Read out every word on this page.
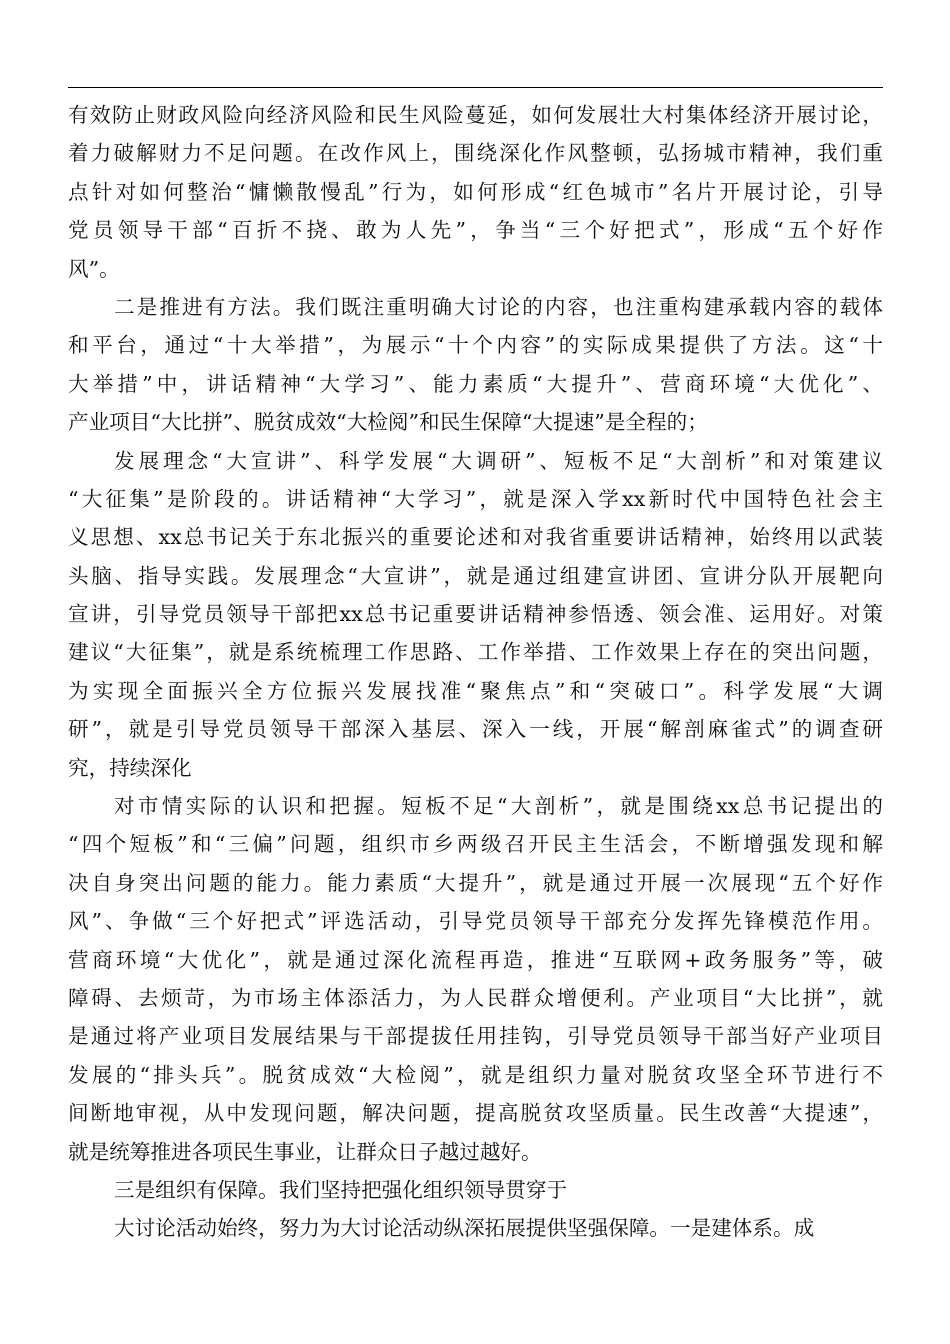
有效防止财政风险向经济风险和民生风险蔓延，如何发展壮大村集体经济开展讨论，
着力破解财力不足问题。在改作风上，围绕深化作风整顿，弘扬城市精神，我们重
点针对如何整治“慵懒散慢乱”行为，如何形成“红色城市”名片开展讨论，引导
党员领导干部“百折不挠、敢为人先”，争当“三个好把式”，形成“五个好作
风”。
二是推进有方法。我们既注重明确大讨论的内容，也注重构建承载内容的载体
和平台，通过“十大举措”，为展示“十个内容”的实际成果提供了方法。这“十
大举措”中，讲话精神“大学习”、能力素质“大提升”、营商环境“大优化”、
产业项目“大比拼”、脱贫成效“大检阅”和民生保障“大提速”是全程的；
发展理念“大宣讲”、科学发展“大调研”、短板不足“大剖析”和对策建议
“大征集”是阶段的。讲话精神“大学习”，就是深入学xx新时代中国特色社会主
义思想、xx总书记关于东北振兴的重要论述和对我省重要讲话精神，始终用以武装
头脑、指导实践。发展理念“大宣讲”，就是通过组建宣讲团、宣讲分队开展靶向
宣讲，引导党员领导干部把xx总书记重要讲话精神参悟透、领会准、运用好。对策
建议“大征集”，就是系统梳理工作思路、工作举措、工作效果上存在的突出问题，
为实现全面振兴全方位振兴发展找准“聚焦点”和“突破口”。科学发展“大调
研”，就是引导党员领导干部深入基层、深入一线，开展“解剖麻雀式”的调查研
究，持续深化
对市情实际的认识和把握。短板不足“大剖析”，就是围绕xx总书记提出的
“四个短板”和“三偏”问题，组织市乡两级召开民主生活会，不断增强发现和解
决自身突出问题的能力。能力素质“大提升”，就是通过开展一次展现“五个好作
风”、争做“三个好把式”评选活动，引导党员领导干部充分发挥先锋模范作用。
营商环境“大优化”，就是通过深化流程再造，推进“互联网+政务服务”等，破
障碍、去烦苛，为市场主体添活力，为人民群众增便利。产业项目“大比拼”，就
是通过将产业项目发展结果与干部提拔任用挂钩，引导党员领导干部当好产业项目
发展的“排头兵”。脱贫成效“大检阅”，就是组织力量对脱贫攻坚全环节进行不
间断地审视，从中发现问题，解决问题，提高脱贫攻坚质量。民生改善“大提速”，
就是统筹推进各项民生事业，让群众日子越过越好。
三是组织有保障。我们坚持把强化组织领导贯穿于
大讨论活动始终，努力为大讨论活动纵深拓展提供坚强保障。一是建体系。成
